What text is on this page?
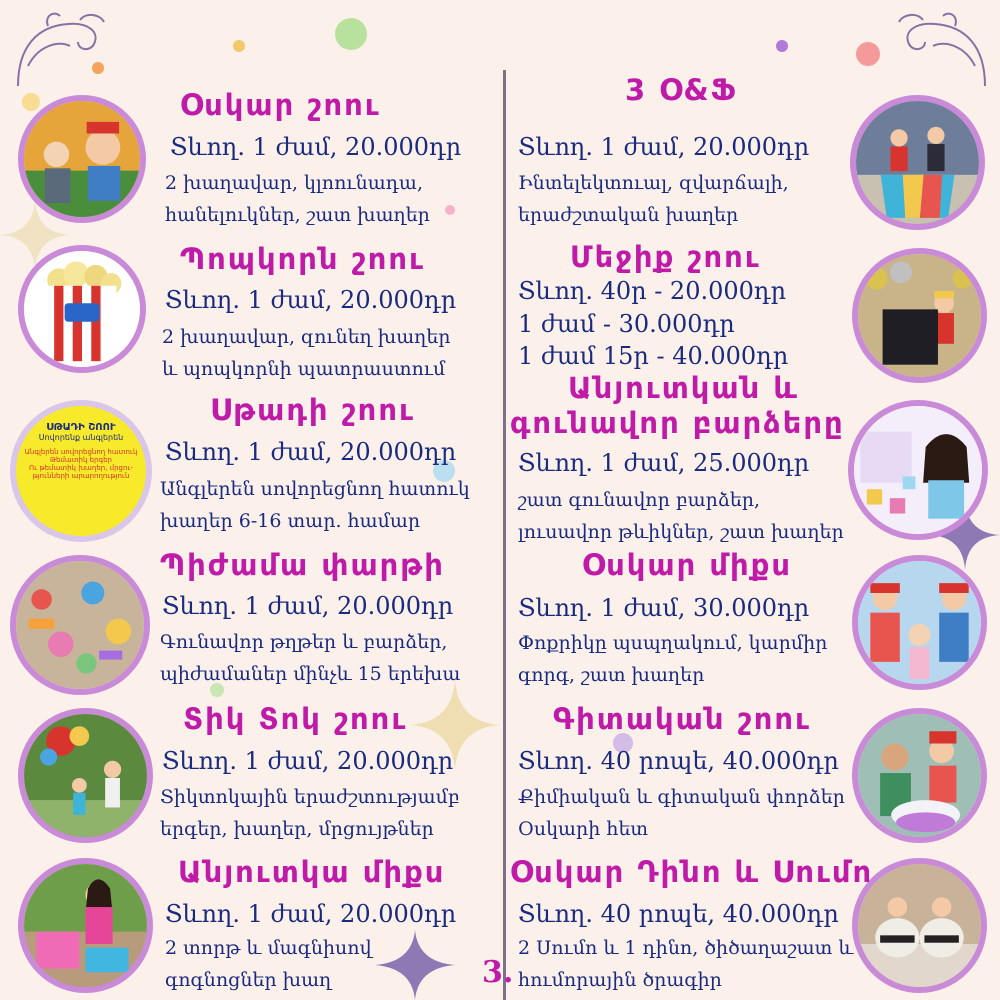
Օսկար շոու
Տևող. 1 ժամ, 20.000դր
2 խաղավար, կլոունադա,
հանելուկներ, շատ խաղեր
Պոպկորն շոու
Տևող. 1 ժամ, 20.000դր
2 խաղավար, զունեղ խաղեր
և պոպկորնի պատրաստում
ՍԹԱԴԻ ՇՈՈՒ
Սովորենք անգլերեն
Անգլերեն սովորեցնող հատուկ
Թեմատիկ երգեր
Ու թեմատիկ խաղեր, մրցու-
թյունների արարողություն
Սթադի շոու
Տևող. 1 ժամ, 20.000դր
Անգլերեն սովորեցնող հատուկ
խաղեր 6-16 տար. համար
Պիժամա փարթի
Տևող. 1 ժամ, 20.000դր
Գունավոր թղթեր և բարձեր,
պիժամաներ մինչև 15 երեխա
Տիկ Տոկ շոու
Տևող. 1 ժամ, 20.000դր
Տիկտոկային երաժշտությամբ
երգեր, խաղեր, մրցույթներ
Անյուտկա միքս
Տևող. 1 ժամ, 20.000դր
2 տորթ և մագնիսով
գոգնոցներ խաղ
3 Օ&Ֆ
Տևող. 1 ժամ, 20.000դր
Ինտելեկտուալ, զվարճալի,
երաժշտական խաղեր
Մեջիք շոու
Տևող. 40ր - 20.000դր
1 ժամ - 30.000դր
1 ժամ 15ր - 40.000դր
Անյուտկան և
գունավոր բարձերը
Տևող. 1 ժամ, 25.000դր
շատ գունավոր բարձեր,
լուսավոր թևիկներ, շատ խաղեր
Օսկար միքս
Տևող. 1 ժամ, 30.000դր
Փոքրիկը պսպղակում, կարմիր
գորգ, շատ խաղեր
Գիտական շոու
Տևող. 40 րոպե, 40.000դր
Քիմիական և գիտական փորձեր
Օսկարի հետ
Օսկար Դինո և Սումո
Տևող. 40 րոպե, 40.000դր
2 Սումո և 1 դինո, ծիծաղաշատ և
հումորային ծրագիր
3.
